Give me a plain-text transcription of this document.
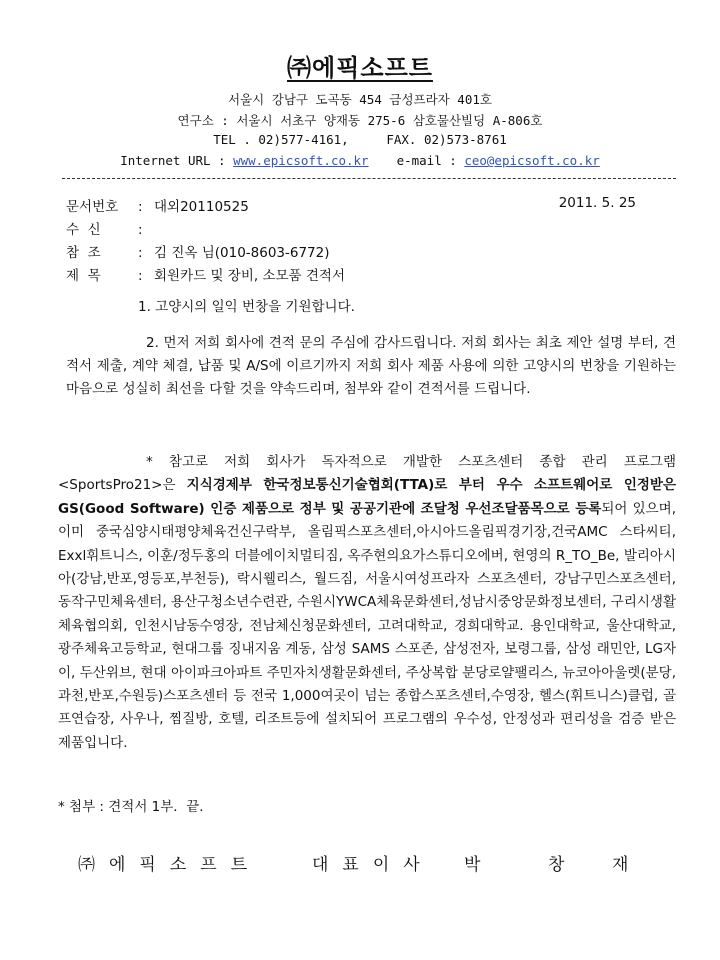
㈜에픽소프트
서울시 강남구 도곡동 454 금성프라자 401호
연구소 : 서울시 서초구 양재동 275-6 삼호물산빌딩 A-806호
TEL . 02)577-4161,     FAX. 02)573-8761
Internet URL : www.epicsoft.co.kr e-mail : ceo@epicsoft.co.kr
문서번호 : 대외20110525	2011. 5. 25
수  신	:
참  조	: 김 진옥 님(010-8603-6772)
제  목	: 회원카드 및 장비, 소모품 견적서
1. 고양시의 일익 번창을 기원합니다.
2. 먼저 저희 회사에 견적 문의 주심에 감사드립니다. 저희 회사는 최초 제안 설명 부터, 견적서 제출, 계약 체결, 납품 및 A/S에 이르기까지 저희 회사 제품 사용에 의한 고양시의 번창을 기원하는 마음으로 성실히 최선을 다할 것을 약속드리며, 첨부와 같이 견적서를 드립니다.
* 참고로 저희 회사가 독자적으로 개발한 스포츠센터 종합 관리 프로그램 <SportsPro21>은 지식경제부 한국정보통신기술협회(TTA)로 부터 우수 소프트웨어로 인정받은 GS(Good Software) 인증 제품으로 정부 및 공공기관에 조달청 우선조달품목으로 등록되어 있으며, 이미 중국심양시태평양체육건신구락부, 올림픽스포츠센터,아시아드올림픽경기장,건국AMC 스타씨티, Exxl휘트니스, 이훈/정두홍의 더블에이치멀티짐, 옥주현의요가스튜디오에버, 현영의 R_TO_Be, 발리아시아(강남,반포,영등포,부천등), 락시웰리스, 월드짐, 서울시여성프라자 스포츠센터, 강남구민스포츠센터, 동작구민체육센터, 용산구청소년수련관, 수원시YWCA체육문화센터,성남시중앙문화정보센터, 구리시생활체육협의회, 인천시남동수영장, 전남체신청문화센터, 고려대학교, 경희대학교. 용인대학교, 울산대학교, 광주체육고등학교, 현대그룹 징내지움 계동, 삼성 SAMS 스포존, 삼성전자, 보령그룹, 삼성 래민안, LG자이, 두산위브, 현대 아이파크아파트 주민자치생활문화센터, 주상복합 분당로얄팰리스, 뉴코아아울렛(분당,과천,반포,수원등)스포츠센터 등 전국 1,000여곳이 넘는 종합스포츠센터,수영장, 헬스(휘트니스)클럽, 골프연습장, 사우나, 찜질방, 호텔, 리조트등에 설치되어 프로그램의 우수성, 안정성과 편리성을 검증 받은 제품입니다.
* 첨부 : 견적서 1부.  끝.
㈜에픽소프트	대표이사 박	창 재
